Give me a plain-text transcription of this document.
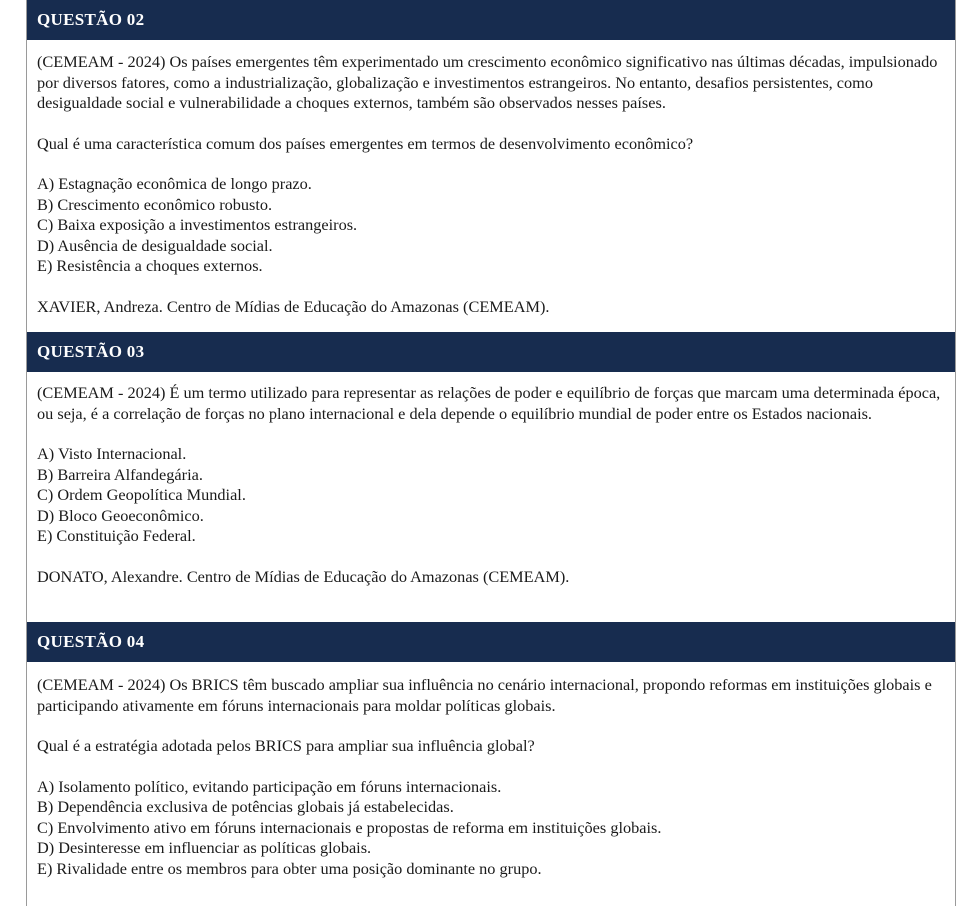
QUESTÃO 02

(CEMEAM - 2024) Os países emergentes têm experimentado um crescimento econômico significativo nas últimas décadas, impulsionado por diversos fatores, como a industrialização, globalização e investimentos estrangeiros. No entanto, desafios persistentes, como desigualdade social e vulnerabilidade a choques externos, também são observados nesses países.

Qual é uma característica comum dos países emergentes em termos de desenvolvimento econômico?

A) Estagnação econômica de longo prazo.

B) Crescimento econômico robusto.

C) Baixa exposição a investimentos estrangeiros.

D) Ausência de desigualdade social.

E) Resistência a choques externos.

XAVIER, Andreza. Centro de Mídias de Educação do Amazonas (CEMEAM).

QUESTÃO 03

(CEMEAM - 2024) É um termo utilizado para representar as relações de poder e equilíbrio de forças que marcam uma determinada época, ou seja, é a correlação de forças no plano internacional e dela depende o equilíbrio mundial de poder entre os Estados nacionais.

A) Visto Internacional.

B) Barreira Alfandegária.

C) Ordem Geopolítica Mundial.

D) Bloco Geoeconômico.

E) Constituição Federal.

DONATO, Alexandre. Centro de Mídias de Educação do Amazonas (CEMEAM).

QUESTÃO 04

(CEMEAM - 2024) Os BRICS têm buscado ampliar sua influência no cenário internacional, propondo reformas em instituições globais e participando ativamente em fóruns internacionais para moldar políticas globais.

Qual é a estratégia adotada pelos BRICS para ampliar sua influência global?

A) Isolamento político, evitando participação em fóruns internacionais.

B) Dependência exclusiva de potências globais já estabelecidas.

C) Envolvimento ativo em fóruns internacionais e propostas de reforma em instituições globais.

D) Desinteresse em influenciar as políticas globais.

E) Rivalidade entre os membros para obter uma posição dominante no grupo.
